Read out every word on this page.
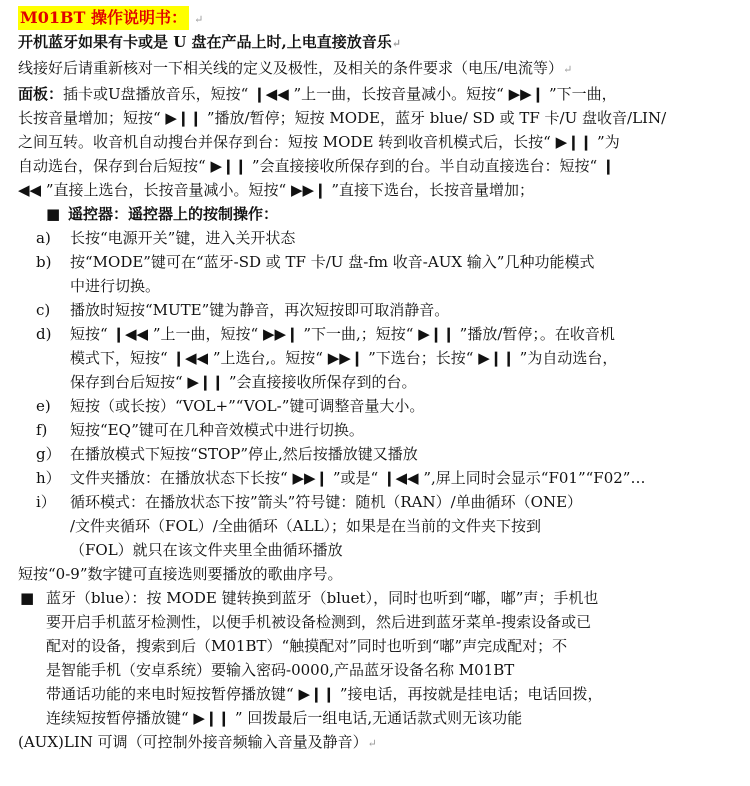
M01BT 操作说明书： ↵
开机蓝牙如果有卡或是 U 盘在产品上时,上电直接放音乐↵
线接好后请重新核对一下相关线的定义及极性，及相关的条件要求（电压/电流等）↵
面板：插卡或U盘播放音乐，短按“ ❙◀◀ ”上一曲，长按音量减小。短按“ ▶▶❙ ”下一曲，
长按音量增加；短按“ ▶❙❙ ”播放/暂停；短按 MODE，蓝牙 blue/ SD 或 TF 卡/U 盘收音/LIN/
之间互转。收音机自动搜台并保存到台：短按 MODE 转到收音机模式后，长按“ ▶❙❙ ”为
自动选台，保存到台后短按“ ▶❙❙ ”会直接接收所保存到的台。半自动直接选台：短按“ ❙
◀◀ ”直接上选台，长按音量减小。短按“ ▶▶❙ ”直接下选台，长按音量增加；
■ 遥控器：遥控器上的按制操作：
a)	长按“电源开关”键，进入关开状态
b)	按“MODE”键可在“蓝牙-SD 或 TF 卡/U 盘-fm 收音-AUX 输入”几种功能模式
中进行切换。
c)	播放时短按“MUTE”键为静音，再次短按即可取消静音。
d)	短按“ ❙◀◀ ”上一曲，短按“ ▶▶❙ ”下一曲,；短按“ ▶❙❙ ”播放/暂停；。在收音机
模式下，短按“ ❙◀◀ ”上选台,。短按“ ▶▶❙ ”下选台；长按“ ▶❙❙ ”为自动选台，
保存到台后短按“ ▶❙❙ ”会直接接收所保存到的台。
e)	短按（或长按）“VOL+”“VOL-”键可调整音量大小。
f)	短按“EQ”键可在几种音效模式中进行切换。
g） 在播放模式下短按“STOP”停止,然后按播放键又播放
h） 文件夹播放：在播放状态下长按“ ▶▶❙ ”或是“ ❙◀◀ ”,屏上同时会显示“F01”“F02”…
i） 循环模式：在播放状态下按”箭头”符号键：随机（RAN）/单曲循环（ONE）
/文件夹循环（FOL）/全曲循环（ALL）；如果是在当前的文件夹下按到
（FOL）就只在该文件夹里全曲循环播放
短按“0-9”数字键可直接选则要播放的歌曲序号。
■ 蓝牙（blue）：按 MODE 键转换到蓝牙（bluet），同时也听到“嘟，嘟”声；手机也
要开启手机蓝牙检测性，以便手机被设备检测到，然后进到蓝牙菜单-搜索设备或已
配对的设备，搜索到后（M01BT）“触摸配对”同时也听到“嘟”声完成配对；不
是智能手机（安卓系统）要输入密码-0000,产品蓝牙设备名称 M01BT
带通话功能的来电时短按暂停播放键“ ▶❙❙ ”接电话，再按就是挂电话；电话回拨，
连续短按暂停播放键“ ▶❙❙ ” 回拨最后一组电话,无通话款式则无该功能
(AUX)LIN 可调（可控制外接音频输入音量及静音）↵
